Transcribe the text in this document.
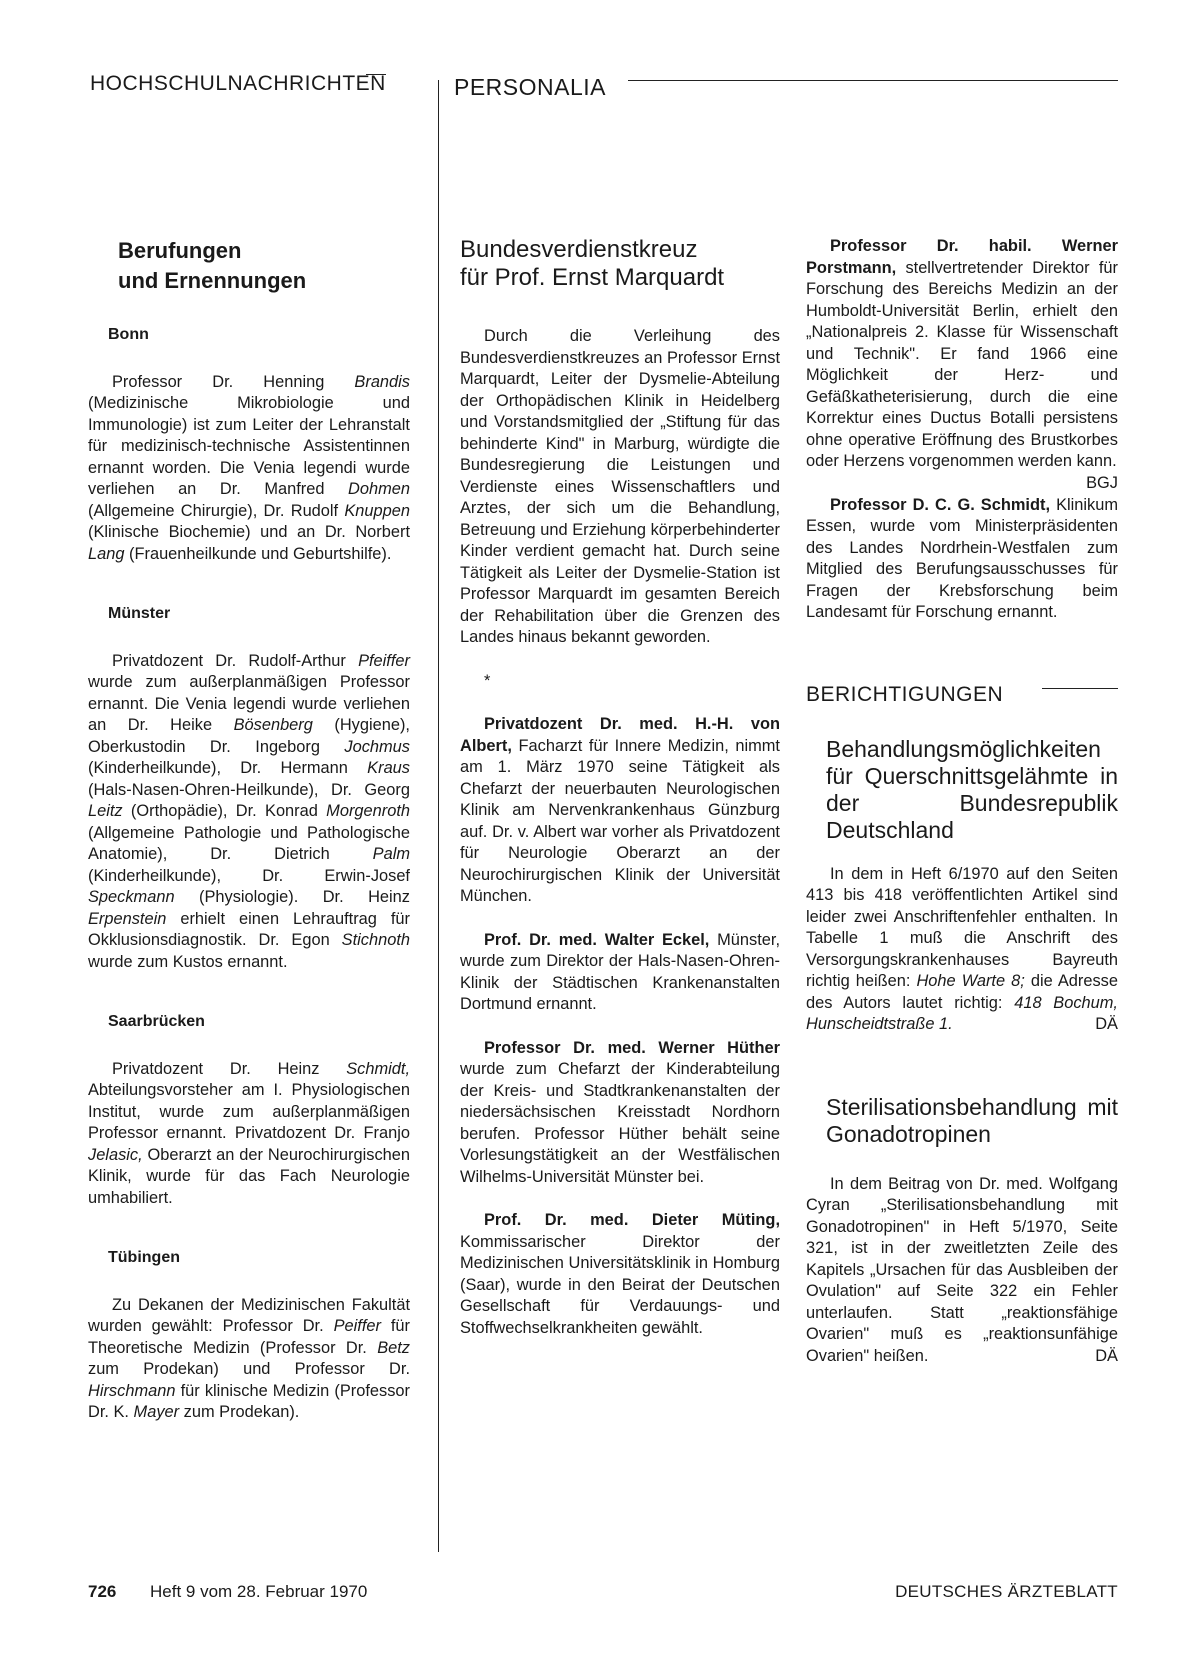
HOCHSCHULNACHRICHTEN	PERSONALIA
Berufungen
und Ernennungen
Bonn

Professor Dr. Henning Brandis (Medizinische Mikrobiologie und Immunologie) ist zum Leiter der Lehranstalt für medizinisch-technische Assistentinnen ernannt worden. Die Venia legendi wurde verliehen an Dr. Manfred Dohmen (Allgemeine Chirurgie), Dr. Rudolf Knuppen (Klinische Biochemie) und an Dr. Norbert Lang (Frauenheilkunde und Geburtshilfe).

Münster

Privatdozent Dr. Rudolf-Arthur Pfeiffer wurde zum außerplanmäßigen Professor ernannt. Die Venia legendi wurde verliehen an Dr. Heike Bösenberg (Hygiene), Oberkustodin Dr. Ingeborg Jochmus (Kinderheilkunde), Dr. Hermann Kraus (Hals-Nasen-Ohren-Heilkunde), Dr. Georg Leitz (Orthopädie), Dr. Konrad Morgenroth (Allgemeine Pathologie und Pathologische Anatomie), Dr. Dietrich Palm (Kinderheilkunde), Dr. Erwin-Josef Speckmann (Physiologie). Dr. Heinz Erpenstein erhielt einen Lehrauftrag für Okklusionsdiagnostik. Dr. Egon Stichnoth wurde zum Kustos ernannt.

Saarbrücken

Privatdozent Dr. Heinz Schmidt, Abteilungsvorsteher am I. Physiologischen Institut, wurde zum außerplanmäßigen Professor ernannt. Privatdozent Dr. Franjo Jelasic, Oberarzt an der Neurochirurgischen Klinik, wurde für das Fach Neurologie umhabiliert.

Tübingen

Zu Dekanen der Medizinischen Fakultät wurden gewählt: Professor Dr. Peiffer für Theoretische Medizin (Professor Dr. Betz zum Prodekan) und Professor Dr. Hirschmann für klinische Medizin (Professor Dr. K. Mayer zum Prodekan).

Bundesverdienstkreuz
für Prof. Ernst Marquardt

Durch die Verleihung des Bundesverdienstkreuzes an Professor Ernst Marquardt, Leiter der Dysmelie-Abteilung der Orthopädischen Klinik in Heidelberg und Vorstandsmitglied der „Stiftung für das behinderte Kind" in Marburg, würdigte die Bundesregierung die Leistungen und Verdienste eines Wissenschaftlers und Arztes, der sich um die Behandlung, Betreuung und Erziehung körperbehinderter Kinder verdient gemacht hat. Durch seine Tätigkeit als Leiter der Dysmelie-Station ist Professor Marquardt im gesamten Bereich der Rehabilitation über die Grenzen des Landes hinaus bekannt geworden.

*

Privatdozent Dr. med. H.-H. von Albert, Facharzt für Innere Medizin, nimmt am 1. März 1970 seine Tätigkeit als Chefarzt der neuerbauten Neurologischen Klinik am Nervenkrankenhaus Günzburg auf. Dr. v. Albert war vorher als Privatdozent für Neurologie Oberarzt an der Neurochirurgischen Klinik der Universität München.

Prof. Dr. med. Walter Eckel, Münster, wurde zum Direktor der Hals-Nasen-Ohren-Klinik der Städtischen Krankenanstalten Dortmund ernannt.

Professor Dr. med. Werner Hüther wurde zum Chefarzt der Kinderabteilung der Kreis- und Stadtkrankenanstalten der niedersächsischen Kreisstadt Nordhorn berufen. Professor Hüther behält seine Vorlesungstätigkeit an der Westfälischen Wilhelms-Universität Münster bei.

Prof. Dr. med. Dieter Müting, Kommissarischer Direktor der Medizinischen Universitätsklinik in Homburg (Saar), wurde in den Beirat der Deutschen Gesellschaft für Verdauungs- und Stoffwechselkrankheiten gewählt.

Professor Dr. habil. Werner Porstmann, stellvertretender Direktor für Forschung des Bereichs Medizin an der Humboldt-Universität Berlin, erhielt den „Nationalpreis 2. Klasse für Wissenschaft und Technik". Er fand 1966 eine Möglichkeit der Herz- und Gefäßkatheterisierung, durch die eine Korrektur eines Ductus Botalli persistens ohne operative Eröffnung des Brustkorbes oder Herzens vorgenommen werden kann.
BGJ

Professor D. C. G. Schmidt, Klinikum Essen, wurde vom Ministerpräsidenten des Landes Nordrhein-Westfalen zum Mitglied des Berufungsausschusses für Fragen der Krebsforschung beim Landesamt für Forschung ernannt.

BERICHTIGUNGEN
Behandlungsmöglichkeiten für Querschnittsgelähmte in der Bundesrepublik Deutschland

In dem in Heft 6/1970 auf den Seiten 413 bis 418 veröffentlichten Artikel sind leider zwei Anschriftenfehler enthalten. In Tabelle 1 muß die Anschrift des Versorgungskrankenhauses Bayreuth richtig heißen: Hohe Warte 8; die Adresse des Autors lautet richtig: 418 Bochum, Hunscheidtstraße 1.	DÄ

Sterilisationsbehandlung mit Gonadotropinen

In dem Beitrag von Dr. med. Wolfgang Cyran „Sterilisationsbehandlung mit Gonadotropinen" in Heft 5/1970, Seite 321, ist in der zweitletzten Zeile des Kapitels „Ursachen für das Ausbleiben der Ovulation" auf Seite 322 ein Fehler unterlaufen. Statt „reaktionsfähige Ovarien" muß es „reaktionsunfähige Ovarien" heißen.	DÄ

726 Heft 9 vom 28. Februar 1970	DEUTSCHES ÄRZTEBLATT
